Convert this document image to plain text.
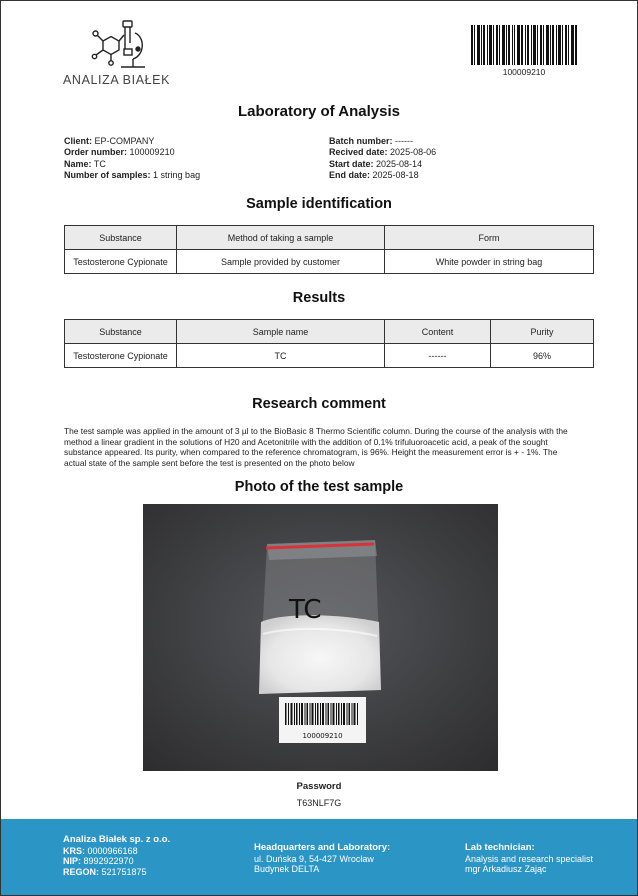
ANALIZA BIAŁEK
100009210
Laboratory of Analysis
Client: EP-COMPANY
Order number: 100009210
Name: TC
Number of samples: 1 string bag
Batch number: ------
Recived date: 2025-08-06
Start date: 2025-08-14
End date: 2025-08-18
Sample identification
Substance	Method of taking a sample	Form
Testosterone Cypionate	Sample provided by customer	White powder in string bag
Results
Substance	Sample name	Content	Purity
Testosterone Cypionate	TC	------	96%
Research comment
The test sample was applied in the amount of 3 µl to the BioBasic 8 Thermo Scientific column. During the course of the analysis with the method a linear gradient in the solutions of H20 and Acetonitrile with the addition of 0.1% trifuluoroacetic acid, a peak of the sought substance appeared. Its purity, when compared to the reference chromatogram, is 96%. Height the measurement error is + - 1%. The actual state of the sample sent before the test is presented on the photo below
Photo of the test sample
TC
100009210
Password
T63NLF7G
Analiza Białek sp. z o.o.
KRS: 0000966168
NIP: 8992922970
REGON: 521751875
Headquarters and Laboratory:
ul. Duńska 9, 54-427 Wrocław
Budynek DELTA
Lab technician:
Analysis and research specialist
mgr Arkadiusz Zając
